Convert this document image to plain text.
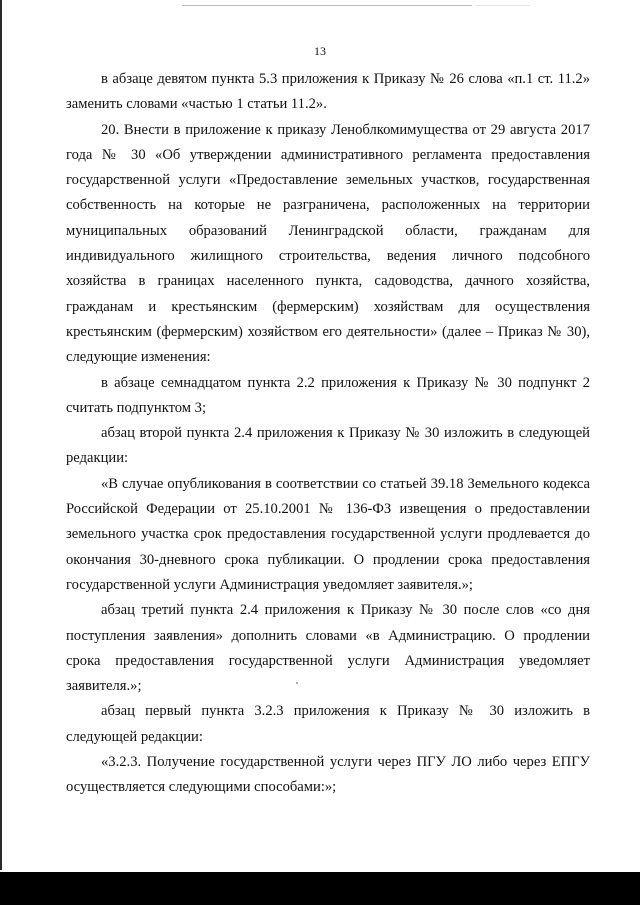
13

в абзаце девятом пункта 5.3 приложения к Приказу № 26 слова «п.1 ст. 11.2» заменить словами «частью 1 статьи 11.2».

20. Внести в приложение к приказу Леноблкомимущества от 29 августа 2017 года № 30 «Об утверждении административного регламента предоставления государственной услуги «Предоставление земельных участков, государственная собственность на которые не разграничена, расположенных на территории муниципальных образований Ленинградской области, гражданам для индивидуального жилищного строительства, ведения личного подсобного хозяйства в границах населенного пункта, садоводства, дачного хозяйства, гражданам и крестьянским (фермерским) хозяйствам для осуществления крестьянским (фермерским) хозяйством его деятельности» (далее – Приказ № 30), следующие изменения:

в абзаце семнадцатом пункта 2.2 приложения к Приказу № 30 подпункт 2 считать подпунктом 3;

абзац второй пункта 2.4 приложения к Приказу № 30 изложить в следующей редакции:

«В случае опубликования в соответствии со статьей 39.18 Земельного кодекса Российской Федерации от 25.10.2001 № 136-ФЗ извещения о предоставлении земельного участка срок предоставления государственной услуги продлевается до окончания 30-дневного срока публикации. О продлении срока предоставления государственной услуги Администрация уведомляет заявителя.»;

абзац третий пункта 2.4 приложения к Приказу № 30 после слов «со дня поступления заявления» дополнить словами «в Администрацию. О продлении срока предоставления государственной услуги Администрация уведомляет заявителя.»;

абзац первый пункта 3.2.3 приложения к Приказу № 30 изложить в следующей редакции:

«3.2.3. Получение государственной услуги через ПГУ ЛО либо через ЕПГУ осуществляется следующими способами:»;
